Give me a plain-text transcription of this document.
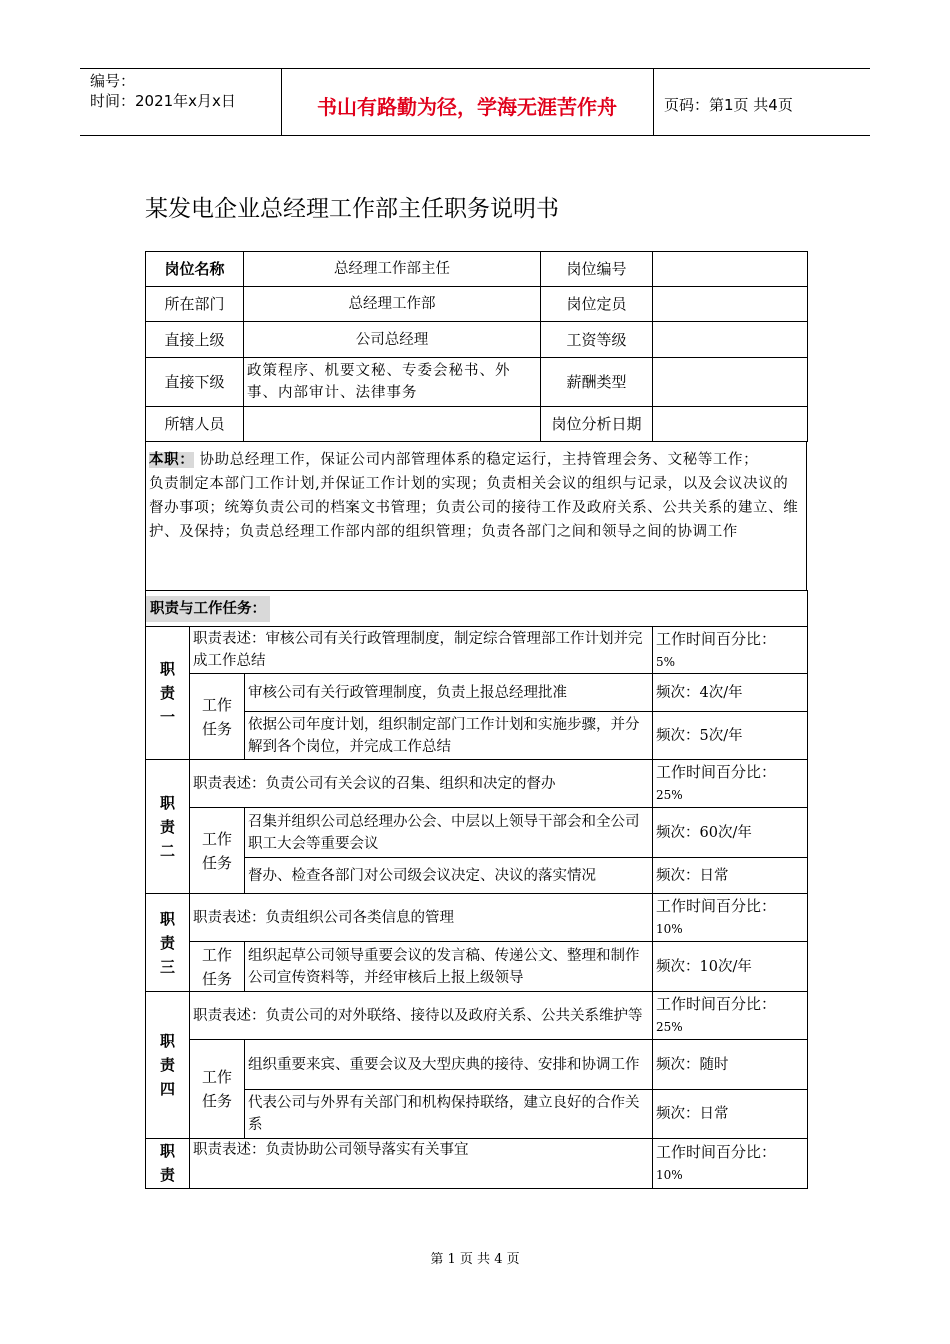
编号：
时间：2021年x月x日	书山有路勤为径，学海无涯苦作舟	页码：第1页 共4页
某发电企业总经理工作部主任职务说明书
岗位名称	总经理工作部主任	岗位编号	
所在部门	总经理工作部	岗位定员	
直接上级	公司总经理	工资等级	
直接下级	政策程序、机要文秘、专委会秘书、外事、内部审计、法律事务	薪酬类型	
所辖人员		岗位分析日期	
本职： 协助总经理工作，保证公司内部管理体系的稳定运行，主持管理会务、文秘等工作；
负责制定本部门工作计划,并保证工作计划的实现；负责相关会议的组织与记录，以及会议决议的督办事项；统筹负责公司的档案文书管理；负责公司的接待工作及政府关系、公共关系的建立、维护、及保持；负责总经理工作部内部的组织管理；负责各部门之间和领导之间的协调工作
职责与工作任务：			

职责一	职责表述：审核公司有关行政管理制度，制定综合管理部工作计划并完成工作总结		工作时间百分比：
5%

	工作任务	审核公司有关行政管理制度，负责上报总经理批准	频次：4次/年
		依据公司年度计划，组织制定部门工作计划和实施步骤，并分解到各个岗位，并完成工作总结	频次：5次/年

职责二	职责表述：负责公司有关会议的召集、组织和决定的督办		工作时间百分比：
25%

	工作任务	召集并组织公司总经理办公会、中层以上领导干部会和全公司职工大会等重要会议	频次：60次/年
		督办、检查各部门对公司级会议决定、决议的落实情况	频次：日常

职责三	职责表述：负责组织公司各类信息的管理		工作时间百分比：
10%

	工作任务	组织起草公司领导重要会议的发言稿、传递公文、整理和制作公司宣传资料等，并经审核后上报上级领导	频次：10次/年

职责四	职责表述：负责公司的对外联络、接待以及政府关系、公共关系维护等		工作时间百分比：
25%

	工作任务	组织重要来宾、重要会议及大型庆典的接待、安排和协调工作	频次：随时
		代表公司与外界有关部门和机构保持联络，建立良好的合作关系	频次：日常

职责	职责表述：负责协助公司领导落实有关事宜		工作时间百分比：
10%
第 1 页 共 4 页
